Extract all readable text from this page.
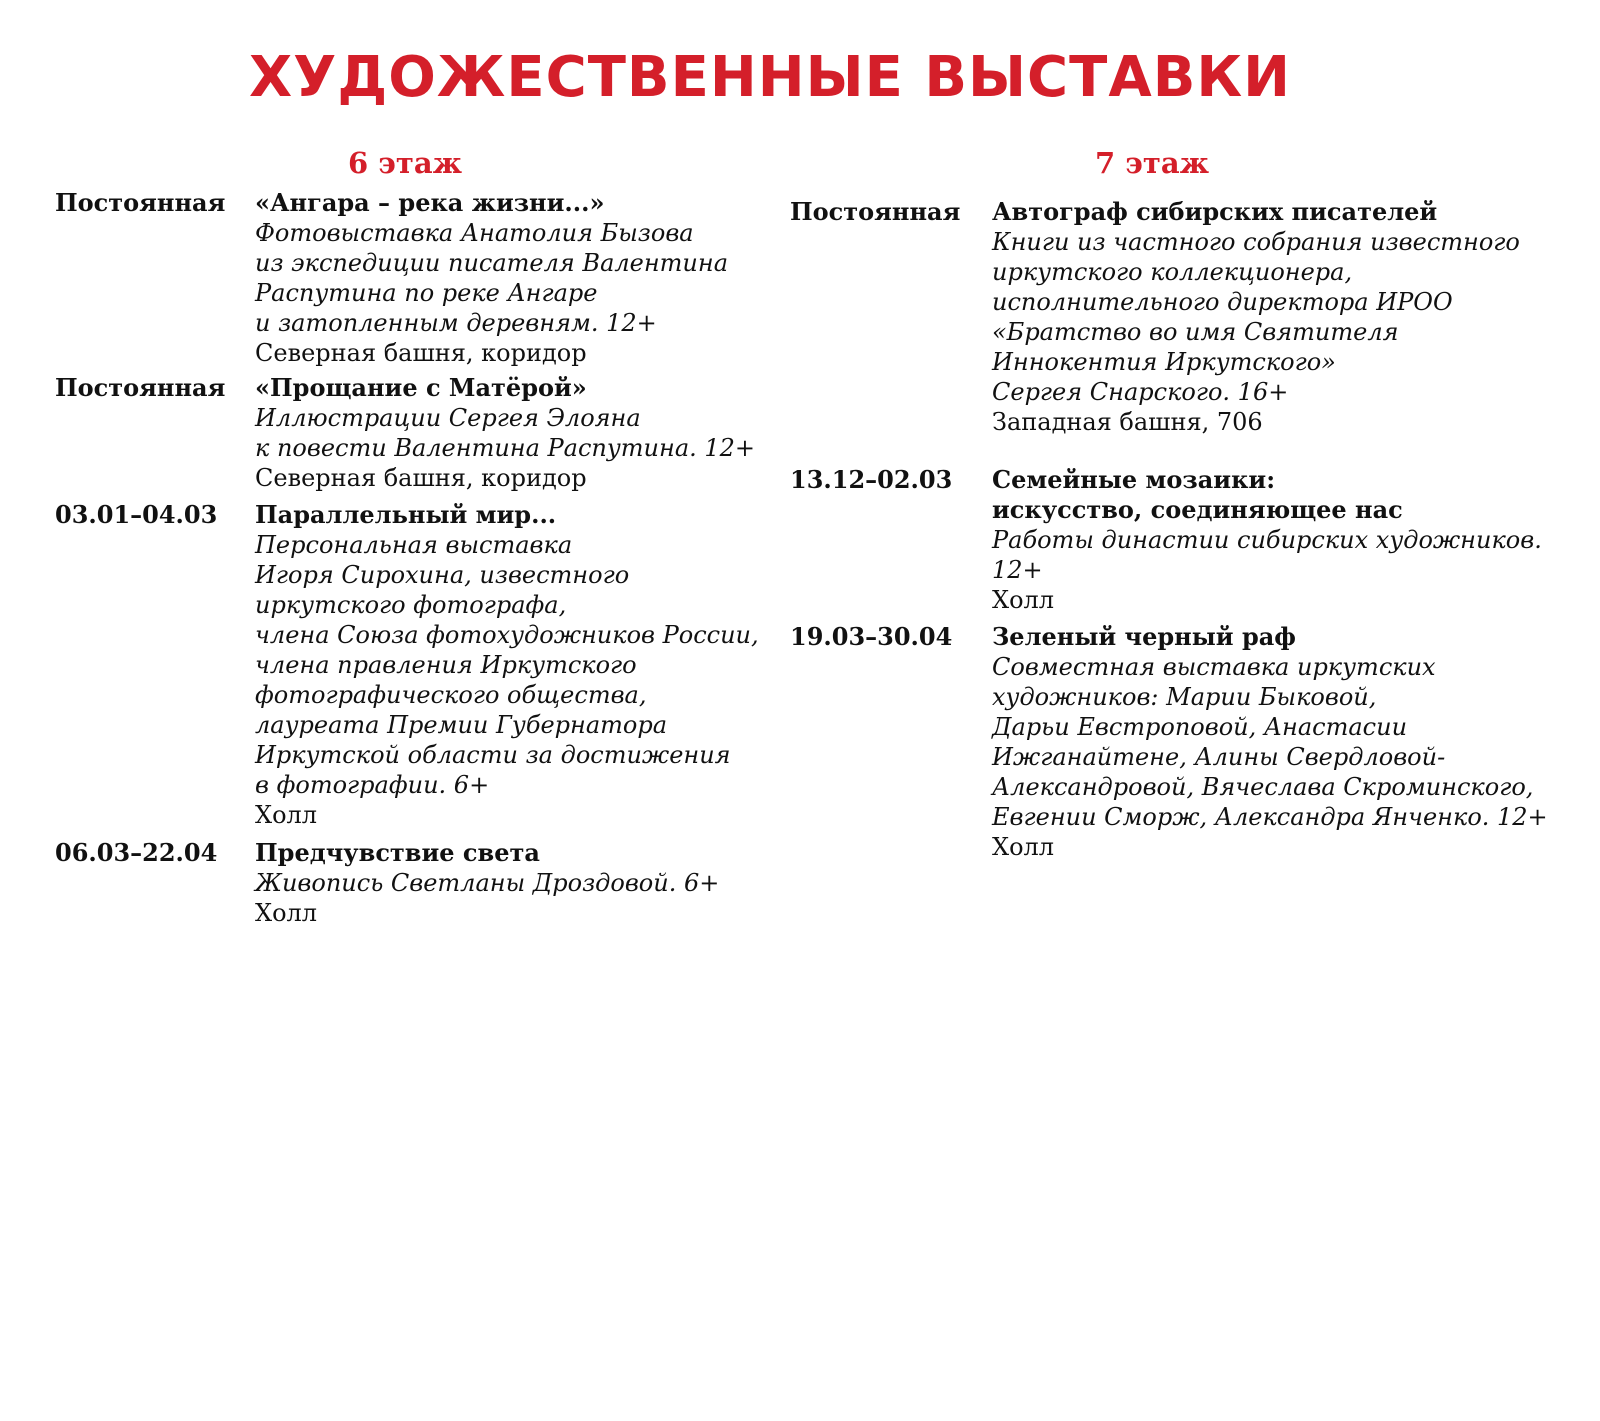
ХУДОЖЕСТВЕННЫЕ ВЫСТАВКИ
6 этаж	7 этаж
Постоянная	«Ангара – река жизни...»
Фотовыставка Анатолия Бызова
из экспедиции писателя Валентина
Распутина по реке Ангаре
и затопленным деревням. 12+
Северная башня, коридор
Постоянная	«Прощание с Матёрой»
Иллюстрации Сергея Элояна
к повести Валентина Распутина. 12+
Северная башня, коридор
03.01–04.03	Параллельный мир...
Персональная выставка
Игоря Сирохина, известного
иркутского фотографа,
члена Союза фотохудожников России,
члена правления Иркутского
фотографического общества,
лауреата Премии Губернатора
Иркутской области за достижения
в фотографии. 6+
Холл
06.03–22.04	Предчувствие света
Живопись Светланы Дроздовой. 6+
Холл
Постоянная	Автограф сибирских писателей
Книги из частного собрания известного
иркутского коллекционера,
исполнительного директора ИРОО
«Братство во имя Святителя
Иннокентия Иркутского»
Сергея Снарского. 16+
Западная башня, 706
13.12–02.03	Семейные мозаики:
искусство, соединяющее нас
Работы династии сибирских художников.
12+
Холл
19.03–30.04	Зеленый черный раф
Совместная выставка иркутских
художников: Марии Быковой,
Дарьи Евстроповой, Анастасии
Ижганайтене, Алины Свердловой-
Александровой, Вячеслава Скроминского,
Евгении Сморж, Александра Янченко. 12+
Холл
